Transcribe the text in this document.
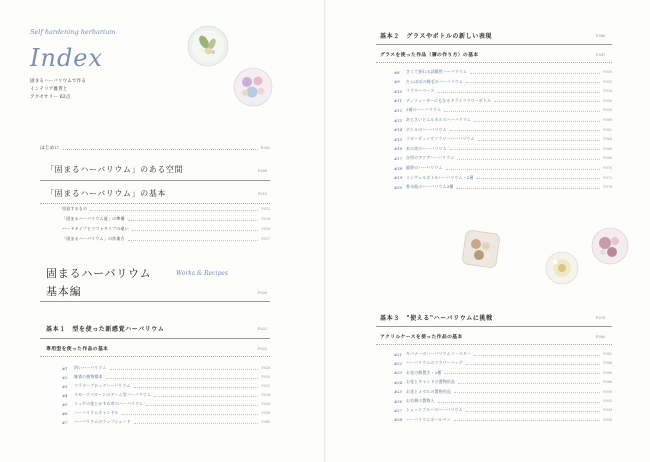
Self hardening herbarium
Index
固まるハーバリウムで作る
インテリア雑貨と
アクセサリー 62点
はじめに	P.002
「固まるハーバリウム」のある空間	P.008
「固まるハーバリウム」の基本	P.012
用意するもの	P.012
「固まるハーバリウム液」の準備	P.014
ハードタイプとソフトタイプの違い	P.016
「固まるハーバリウム」の作業方	P.017
固まるハーバリウム	Works & Recipes
基本編	P.020
基本１　型を使った新感覚ハーバリウム	P.022
専用型を使った作品の基本	P.022
#1	四いハーバリウム	P.028
#2	雑貨の植物標本	P.030
#3	フラワーブロックハーバリウム	P.032
#4	スモークパターンのドーム型ハーバリウム	P.034
#5	ミュゲの花とかすみ草のハーバリウム	P.036
#6	ハーバリウムキャンドル	P.038
#7	ハーバリウムのランプシェード	P.040
基本２　グラスやボトルの新しい表現	P.046
グラスを使った作品（層の作り方）の基本	P.047
#8	さくて揺れる試験管ハーバリウム	P.050
#9	たんぽぽの綿毛のハーバリウム	P.052
#10	フラワーベース	P.054
#11	ディフューザーにもなるドライフラワーボトル	P.056
#12	3層のハーバリウム	P.058
#13	あじさいとエルカルのハーバリウム	P.060
#14	ボトルのハーバリウム	P.062
#15	フローティングフラワーハーバリウム	P.064
#16	木の実のハーバリウム	P.066
#17	台所のアクアハーバリウム	P.068
#18	風鈴のハーバリウム	P.070
#19	ミンヴェルボトルハーバリウム・2層	P.072
#20	香水瓶のハーバリウム3種	P.074
基本３　"使える"ハーバリウムに挑戦	P.078
アクリルケースを使った作品の基本	P.080
#21	キバナーのハーバリウムコースター	P.082
#22	ハーバリウムのフラワーバッグ	P.084
#23	お花の飾置き・2種	P.086
#24	お花とキャンドの置物用品	P.088
#25	お花とメダルの置物用品	P.090
#26	お名刺の置物入	P.092
#27	ショットブルーのハーバリウム	P.094
#28	ハーバリウムポールペン	P.096
